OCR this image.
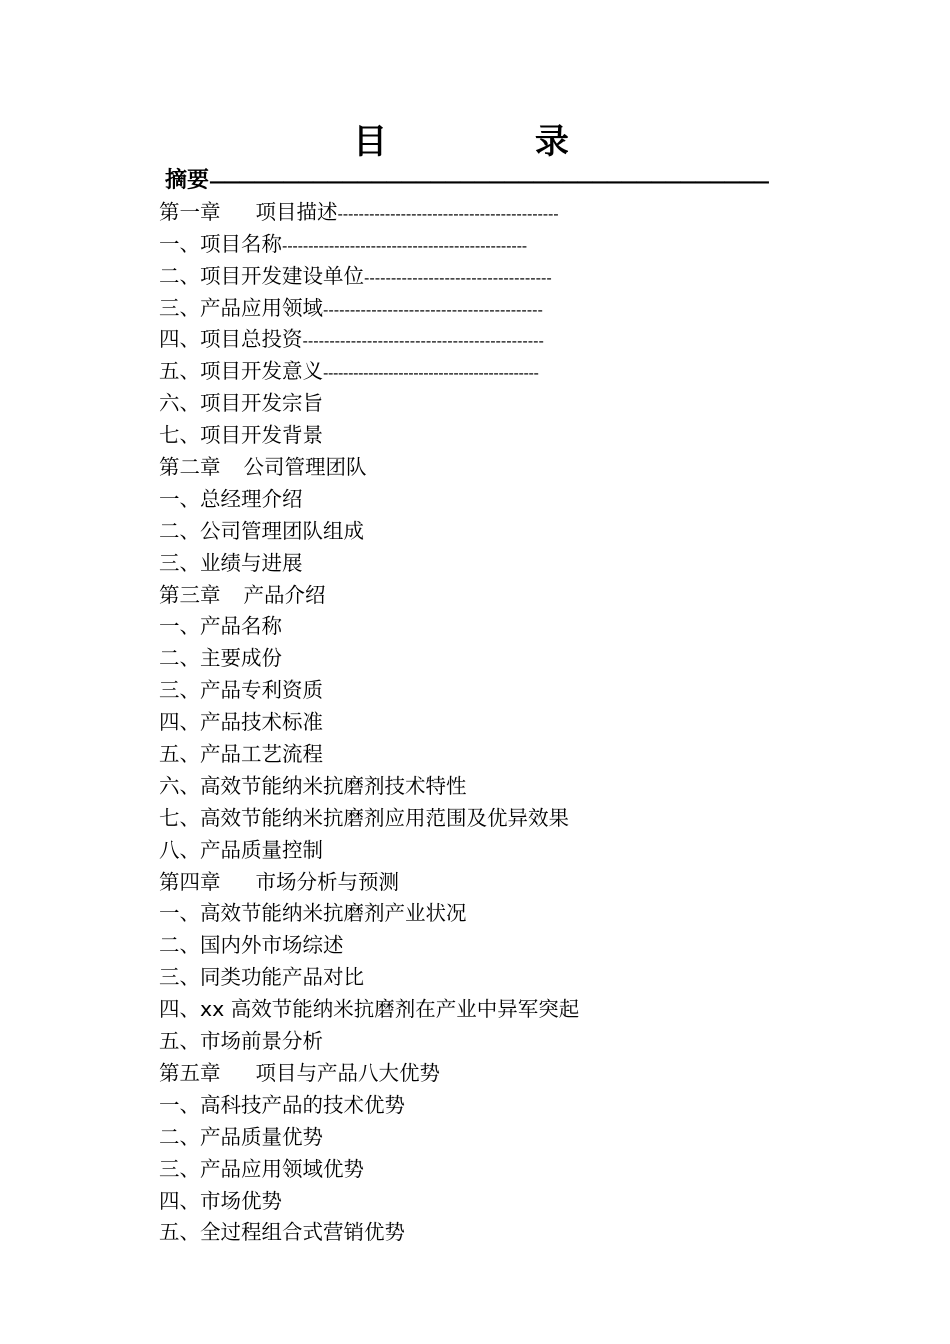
目 录
摘要——————————————————————————————————————
第一章 项目描述------------------------------------------
一、项目名称-----------------------------------------------
二、项目开发建设单位-----------------------------------
三、产品应用领域-----------------------------------------
四、项目总投资---------------------------------------------
五、项目开发意义-------------------------------------------
六、项目开发宗旨
七、项目开发背景
第二章 公司管理团队
一、总经理介绍
二、公司管理团队组成
三、业绩与进展
第三章 产品介绍
一、产品名称
二、主要成份
三、产品专利资质
四、产品技术标准
五、产品工艺流程
六、高效节能纳米抗磨剂技术特性
七、高效节能纳米抗磨剂应用范围及优异效果
八、产品质量控制
第四章 市场分析与预测
一、高效节能纳米抗磨剂产业状况
二、国内外市场综述
三、同类功能产品对比
四、xx 高效节能纳米抗磨剂在产业中异军突起
五、市场前景分析
第五章 项目与产品八大优势
一、高科技产品的技术优势
二、产品质量优势
三、产品应用领域优势
四、市场优势
五、全过程组合式营销优势
